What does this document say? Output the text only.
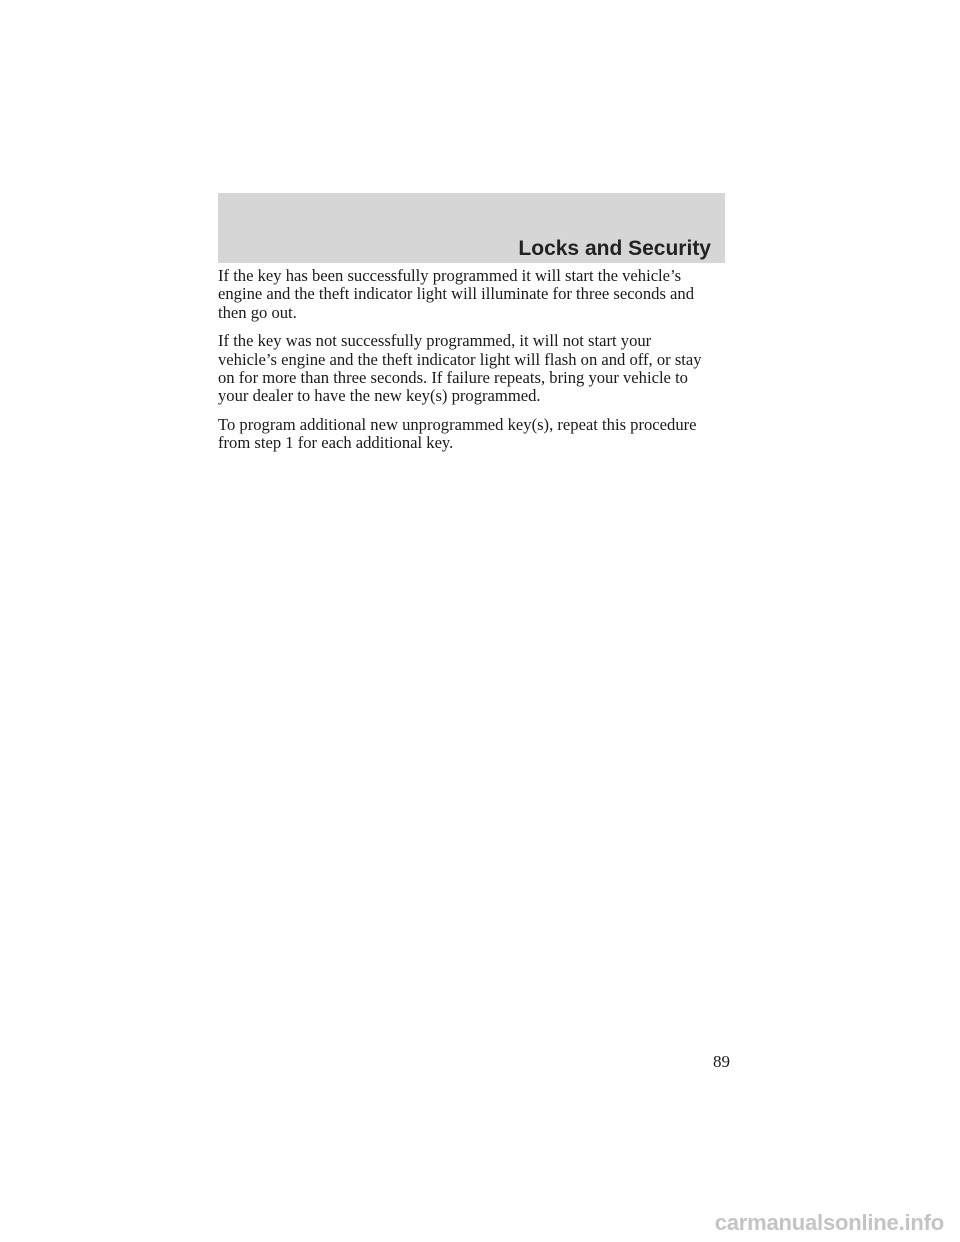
Locks and Security

If the key has been successfully programmed it will start the vehicle’s
engine and the theft indicator light will illuminate for three seconds and
then go out.

If the key was not successfully programmed, it will not start your
vehicle’s engine and the theft indicator light will flash on and off, or stay
on for more than three seconds. If failure repeats, bring your vehicle to
your dealer to have the new key(s) programmed.

To program additional new unprogrammed key(s), repeat this procedure
from step 1 for each additional key.

89

carmanualsonline.info
